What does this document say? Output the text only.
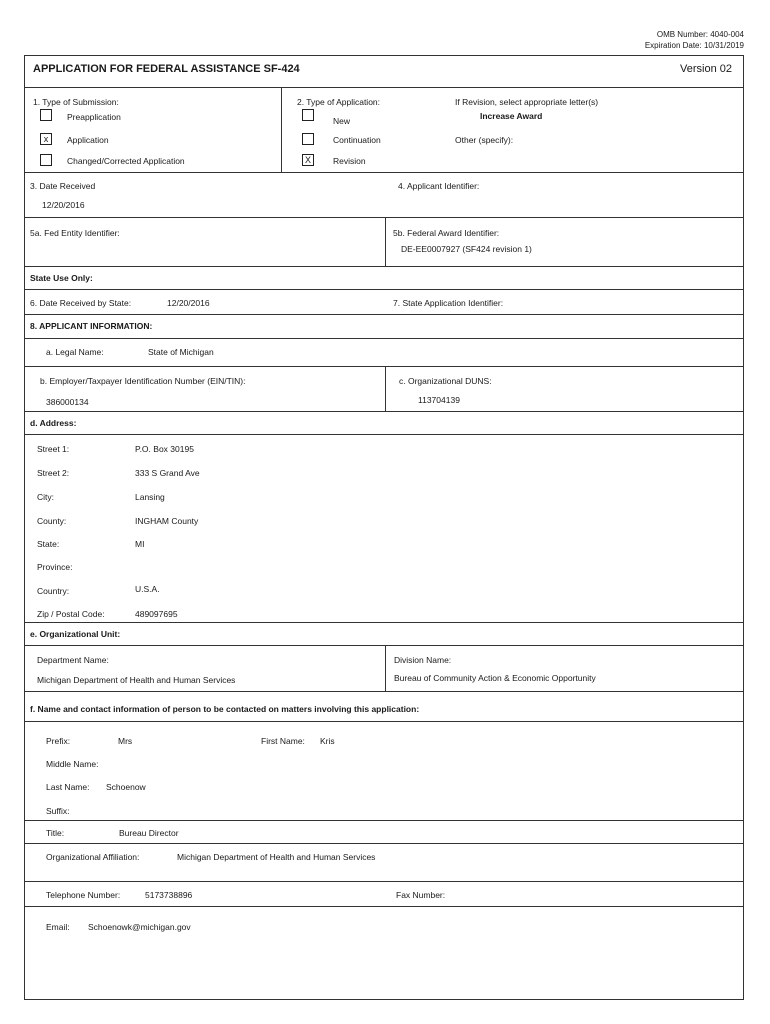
OMB Number: 4040-004
Expiration Date: 10/31/2019
APPLICATION FOR FEDERAL ASSISTANCE SF-424	Version 02
1. Type of Submission:
Preapplication
x	Application
Changed/Corrected Application
2. Type of Application:
New
Continuation
X	Revision
If Revision, select appropriate letter(s)
Increase Award
Other (specify):
3. Date Received
12/20/2016
4. Applicant Identifier:
5a. Fed Entity Identifier:	5b. Federal Award Identifier:
DE-EE0007927 (SF424 revision 1)
State Use Only:
6. Date Received by State:	12/20/2016	7. State Application Identifier:
8. APPLICANT INFORMATION:
a. Legal Name:	State of Michigan
b. Employer/Taxpayer Identification Number (EIN/TIN):
386000134
c. Organizational DUNS:
113704139
d. Address:
Street 1:	P.O. Box 30195
Street 2:	333 S Grand Ave
City:	Lansing
County:	INGHAM County
State:	MI
Province:
Country:	U.S.A.
Zip / Postal Code:	489097695
e. Organizational Unit:
Department Name:
Michigan Department of Health and Human Services
Division Name:
Bureau of Community Action & Economic Opportunity
f. Name and contact information of person to be contacted on matters involving this application:
Prefix:	Mrs	First Name: Kris
Middle Name:
Last Name: Schoenow
Suffix:
Title:	Bureau Director
Organizational Affiliation:	Michigan Department of Health and Human Services
Telephone Number:	5173738896	Fax Number:
Email: Schoenowk@michigan.gov
